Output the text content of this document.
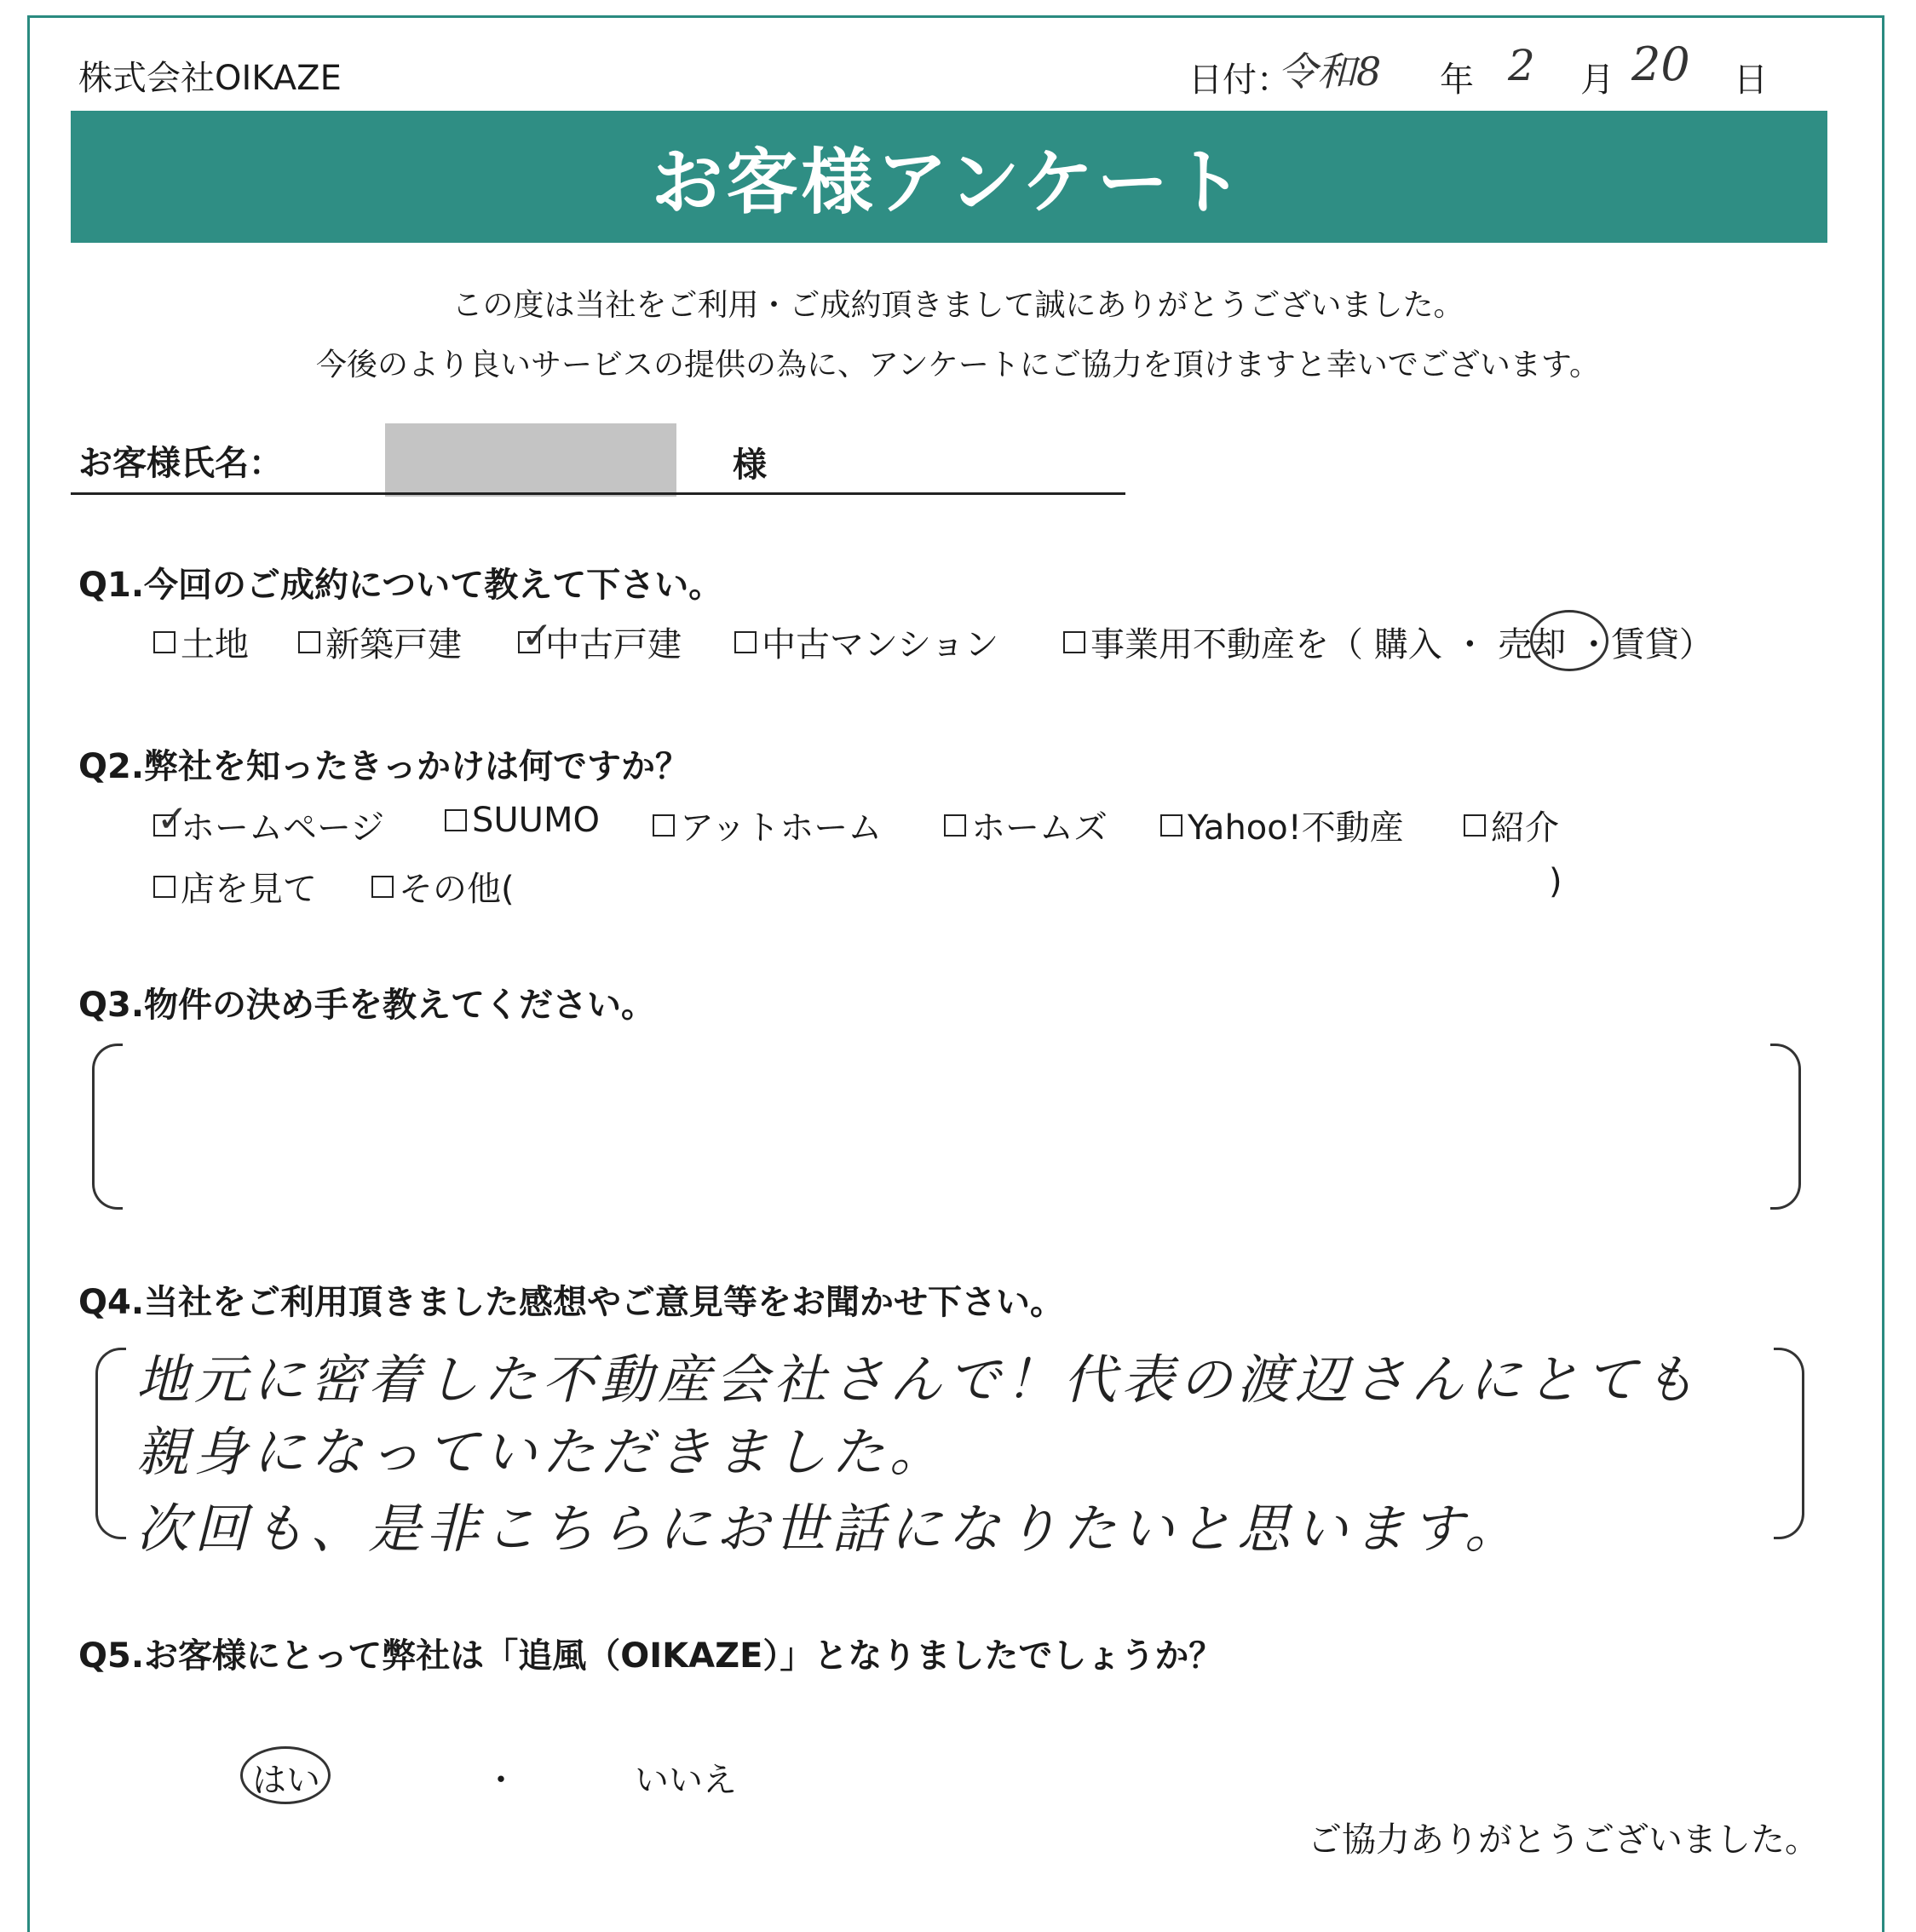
株式会社OIKAZE	日付：
令和8 年 2 月 20 日
お客様アンケート
この度は当社をご利用・ご成約頂きまして誠にありがとうございました。
今後のより良いサービスの提供の為に、アンケートにご協力を頂けますと幸いでございます。
お客様氏名：	様
Q1.今回のご成約について教えて下さい。
土地 新築戸建 ✓
中古戸建 中古マンション	事業用不動産を（ 購入 ・ 売却 ・賃貸）
Q2.弊社を知ったきっかけは何ですか？
✓
ホームページ	SUUMO アットホーム	ホームズ Yahoo!不動産	紹介
店を見て その他(	)
Q3.物件の決め手を教えてください。
Q4.当社をご利用頂きました感想やご意見等をお聞かせ下さい。
地元に密着した不動産会社さんで！代表の渡辺さんにとても
親身になっていただきました。
次回も、是非こちらにお世話になりたいと思います。
Q5.お客様にとって弊社は「追風（OIKAZE）」となりましたでしょうか？
はい	・	いいえ
ご協力ありがとうございました。
